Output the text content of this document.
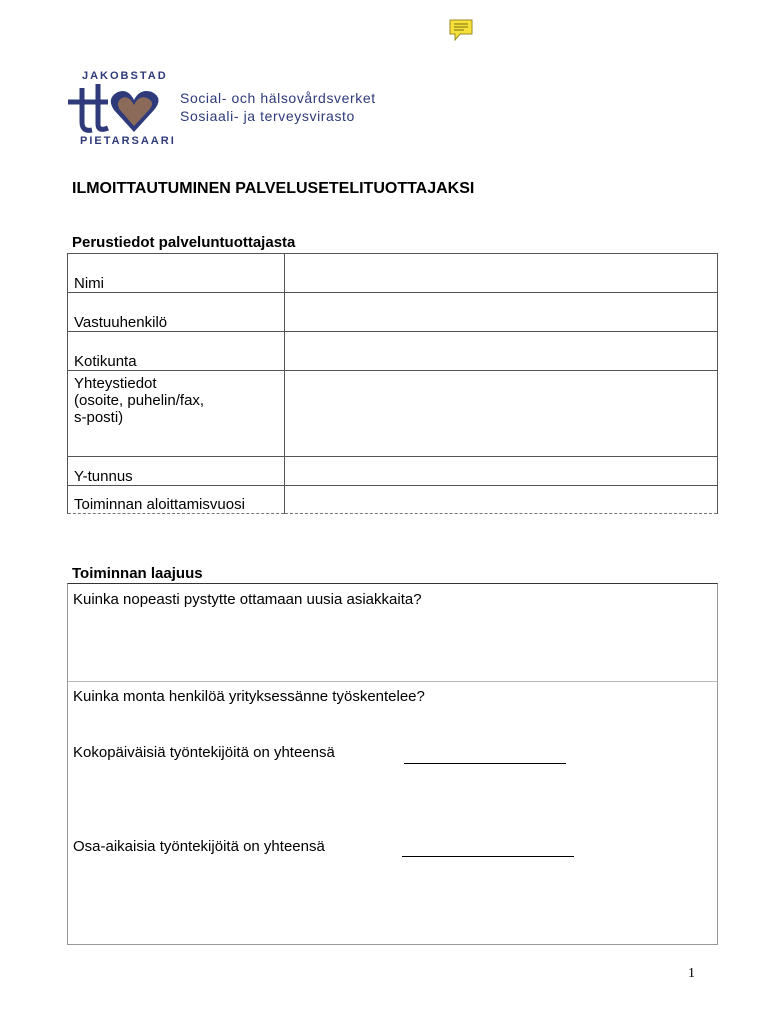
JAKOBSTAD
Social- och hälsovårdsverket
Sosiaali- ja terveysvirasto
PIETARSAARI
ILMOITTAUTUMINEN PALVELUSETELITUOTTAJAKSI
Perustiedot palveluntuottajasta
Nimi	
Vastuuhenkilö	
Kotikunta	
Yhteystiedot
(osoite, puhelin/fax,
s-posti)	
Y-tunnus	
Toiminnan aloittamisvuosi	
Toiminnan laajuus
Kuinka nopeasti pystytte ottamaan uusia asiakkaita?
Kuinka monta henkilöä yrityksessänne työskentelee?
Kokopäiväisiä työntekijöitä on yhteensä
Osa-aikaisia työntekijöitä on yhteensä
1
